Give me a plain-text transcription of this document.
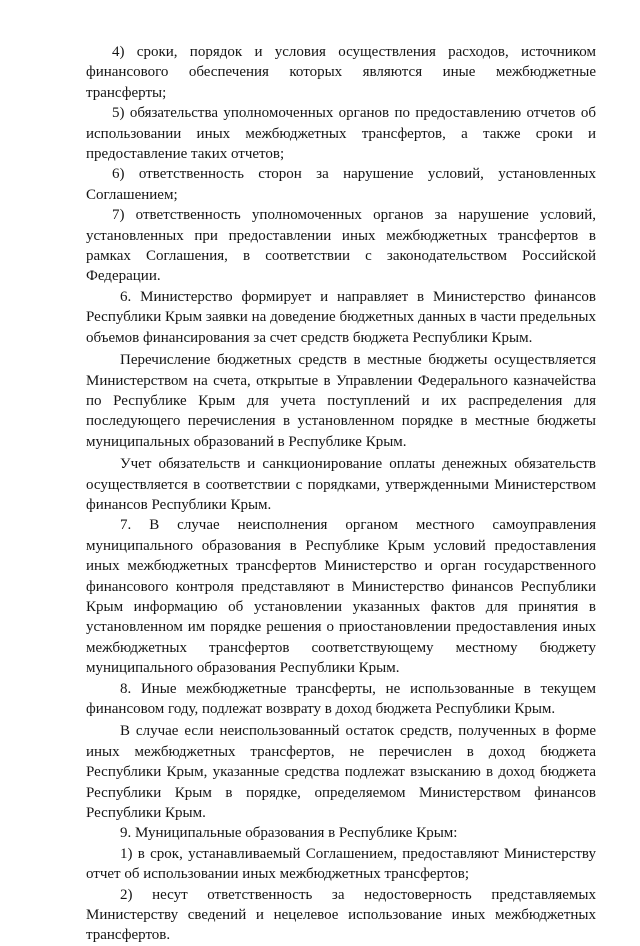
4) сроки, порядок и условия осуществления расходов, источником финансового обеспечения которых являются иные межбюджетные трансферты;

5) обязательства уполномоченных органов по предоставлению отчетов об использовании иных межбюджетных трансфертов, а также сроки и предоставление таких отчетов;

6) ответственность сторон за нарушение условий, установленных Соглашением;

7) ответственность уполномоченных органов за нарушение условий, установленных при предоставлении иных межбюджетных трансфертов в рамках Соглашения, в соответствии с законодательством Российской Федерации.

6. Министерство формирует и направляет в Министерство финансов Республики Крым заявки на доведение бюджетных данных в части предельных объемов финансирования за счет средств бюджета Республики Крым.

Перечисление бюджетных средств в местные бюджеты осуществляется Министерством на счета, открытые в Управлении Федерального казначейства по Республике Крым для учета поступлений и их распределения для последующего перечисления в установленном порядке в местные бюджеты муниципальных образований в Республике Крым.

Учет обязательств и санкционирование оплаты денежных обязательств осуществляется в соответствии с порядками, утвержденными Министерством финансов Республики Крым.

7. В случае неисполнения органом местного самоуправления муниципального образования в Республике Крым условий предоставления иных межбюджетных трансфертов Министерство и орган государственного финансового контроля представляют в Министерство финансов Республики Крым информацию об установлении указанных фактов для принятия в установленном им порядке решения о приостановлении предоставления иных межбюджетных трансфертов соответствующему местному бюджету муниципального образования Республики Крым.

8. Иные межбюджетные трансферты, не использованные в текущем финансовом году, подлежат возврату в доход бюджета Республики Крым.

В случае если неиспользованный остаток средств, полученных в форме иных межбюджетных трансфертов, не перечислен в доход бюджета Республики Крым, указанные средства подлежат взысканию в доход бюджета Республики Крым в порядке, определяемом Министерством финансов Республики Крым.

9. Муниципальные образования в Республике Крым:

1) в срок, устанавливаемый Соглашением, предоставляют Министерству отчет об использовании иных межбюджетных трансфертов;

2) несут ответственность за недостоверность представляемых Министерству сведений и нецелевое использование иных межбюджетных трансфертов.
